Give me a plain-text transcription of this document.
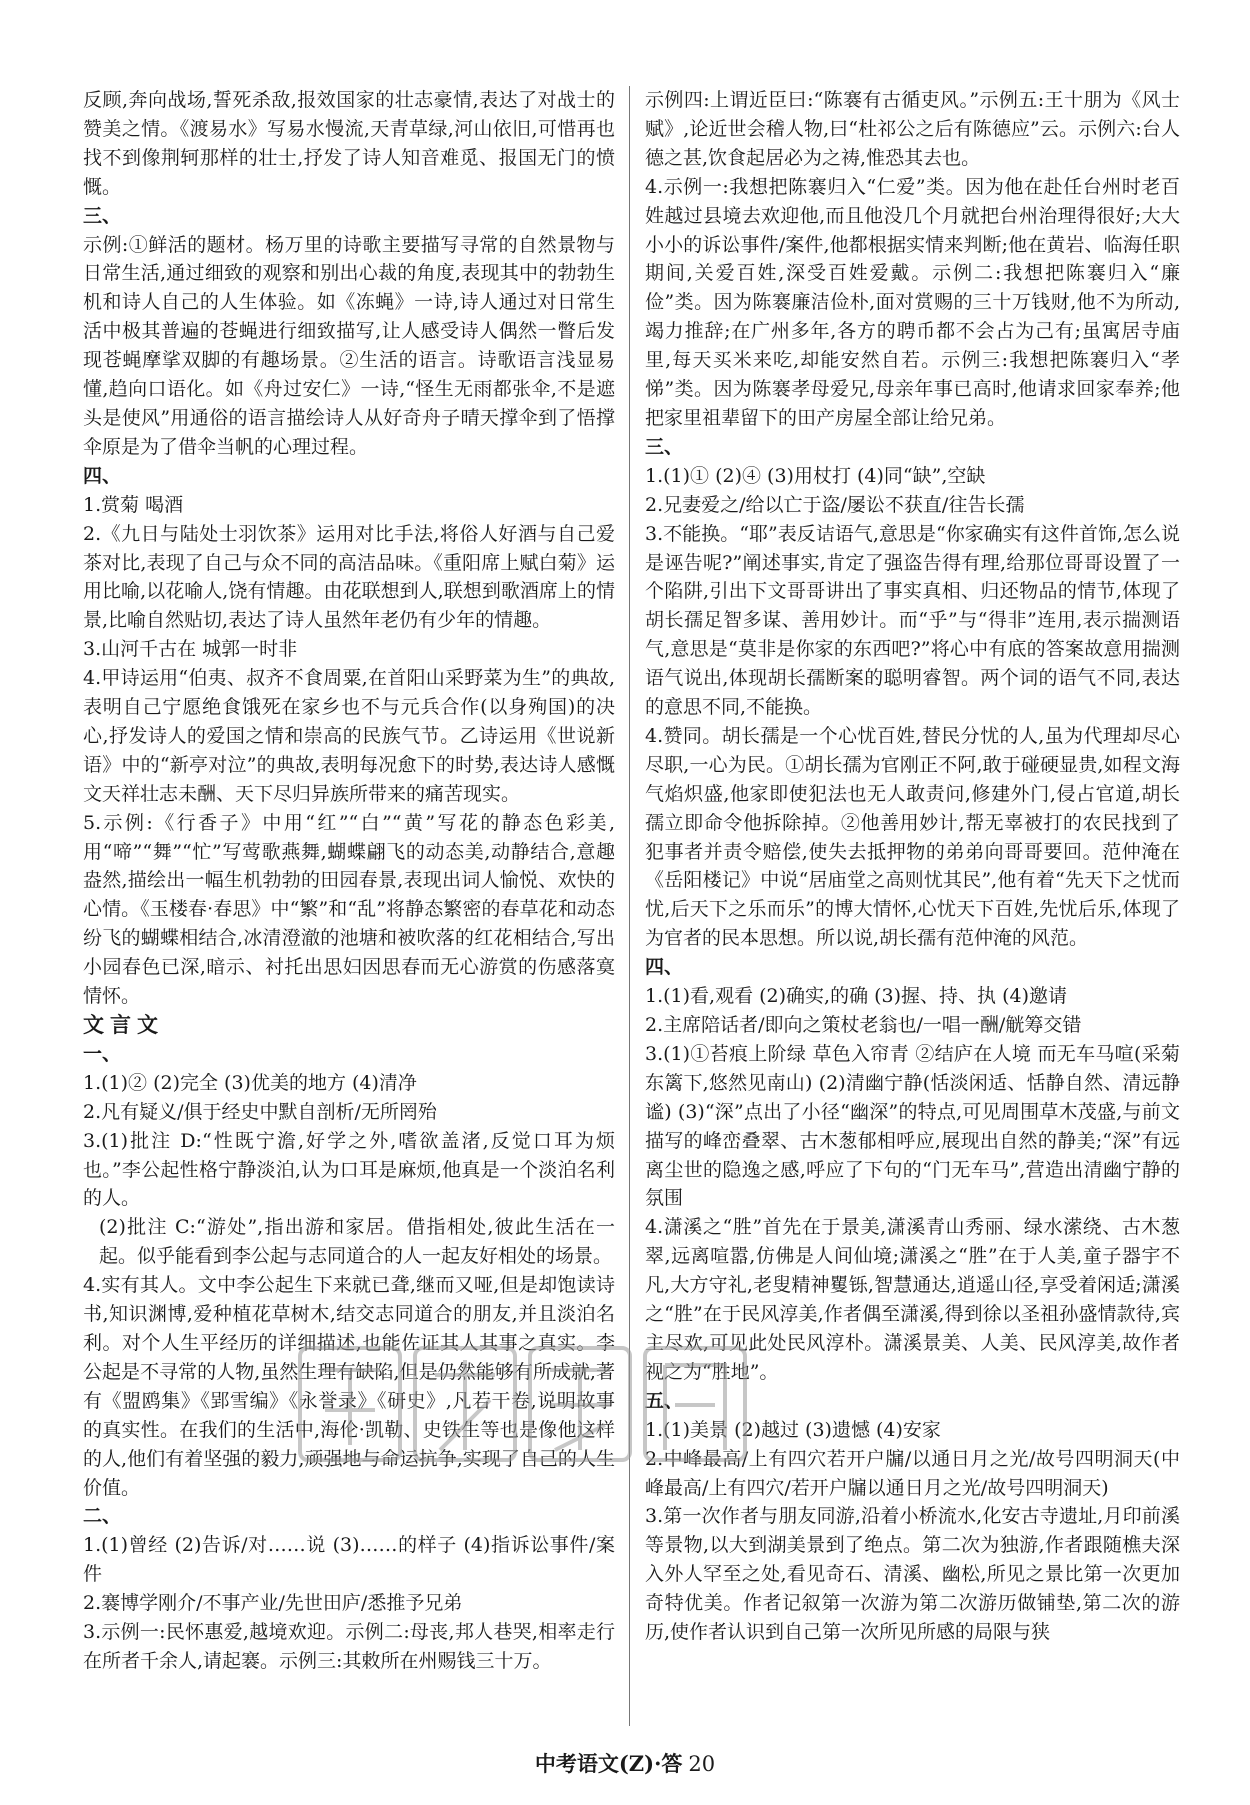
反顾,奔向战场,誓死杀敌,报效国家的壮志豪情,表达了对战士的赞美之情。《渡易水》写易水慢流,天青草绿,河山依旧,可惜再也找不到像荆轲那样的壮士,抒发了诗人知音难觅、报国无门的愤慨。

三、

示例:①鲜活的题材。杨万里的诗歌主要描写寻常的自然景物与日常生活,通过细致的观察和别出心裁的角度,表现其中的勃勃生机和诗人自己的人生体验。如《冻蝇》一诗,诗人通过对日常生活中极其普遍的苍蝇进行细致描写,让人感受诗人偶然一瞥后发现苍蝇摩挲双脚的有趣场景。②生活的语言。诗歌语言浅显易懂,趋向口语化。如《舟过安仁》一诗,“怪生无雨都张伞,不是遮头是使风”用通俗的语言描绘诗人从好奇舟子晴天撑伞到了悟撑伞原是为了借伞当帆的心理过程。

四、

1.赏菊 喝酒

2.《九日与陆处士羽饮茶》运用对比手法,将俗人好酒与自己爱茶对比,表现了自己与众不同的高洁品味。《重阳席上赋白菊》运用比喻,以花喻人,饶有情趣。由花联想到人,联想到歌酒席上的情景,比喻自然贴切,表达了诗人虽然年老仍有少年的情趣。

3.山河千古在 城郭一时非

4.甲诗运用“伯夷、叔齐不食周粟,在首阳山采野菜为生”的典故,表明自己宁愿绝食饿死在家乡也不与元兵合作(以身殉国)的决心,抒发诗人的爱国之情和崇高的民族气节。乙诗运用《世说新语》中的“新亭对泣”的典故,表明每况愈下的时势,表达诗人感慨文天祥壮志未酬、天下尽归异族所带来的痛苦现实。

5.示例:《行香子》中用“红”“白”“黄”写花的静态色彩美,用“啼”“舞”“忙”写莺歌燕舞,蝴蝶翩飞的动态美,动静结合,意趣盎然,描绘出一幅生机勃勃的田园春景,表现出词人愉悦、欢快的心情。《玉楼春·春思》中“繁”和“乱”将静态繁密的春草花和动态纷飞的蝴蝶相结合,冰清澄澈的池塘和被吹落的红花相结合,写出小园春色已深,暗示、衬托出思妇因思春而无心游赏的伤感落寞情怀。

文言文

一、

1.(1)② (2)完全 (3)优美的地方 (4)清净

2.凡有疑义/俱于经史中默自剖析/无所罔殆

3.(1)批注 D:“性既宁澹,好学之外,嗜欲盖渚,反觉口耳为烦也。”李公起性格宁静淡泊,认为口耳是麻烦,他真是一个淡泊名利的人。

(2)批注 C:“游处”,指出游和家居。借指相处,彼此生活在一起。似乎能看到李公起与志同道合的人一起友好相处的场景。

4.实有其人。文中李公起生下来就已聋,继而又哑,但是却饱读诗书,知识渊博,爱种植花草树木,结交志同道合的朋友,并且淡泊名利。对个人生平经历的详细描述,也能佐证其人其事之真实。李公起是不寻常的人物,虽然生理有缺陷,但是仍然能够有所成就,著有《盟鸥集》《郢雪编》《永誉录》《研史》,凡若干卷,说明故事的真实性。在我们的生活中,海伦·凯勒、史铁生等也是像他这样的人,他们有着坚强的毅力,顽强地与命运抗争,实现了自己的人生价值。

二、

1.(1)曾经 (2)告诉/对……说 (3)……的样子 (4)指诉讼事件/案件

2.褰博学刚介/不事产业/先世田庐/悉推予兄弟

3.示例一:民怀惠爱,越境欢迎。示例二:母丧,邦人巷哭,相率走行在所者千余人,请起褰。示例三:其敕所在州赐钱三十万。

示例四:上谓近臣曰:“陈褰有古循吏风。”示例五:王十朋为《风士赋》,论近世会稽人物,曰“杜祁公之后有陈德应”云。示例六:台人德之甚,饮食起居必为之祷,惟恐其去也。

4.示例一:我想把陈褰归入“仁爱”类。因为他在赴任台州时老百姓越过县境去欢迎他,而且他没几个月就把台州治理得很好;大大小小的诉讼事件/案件,他都根据实情来判断;他在黄岩、临海任职期间,关爱百姓,深受百姓爱戴。示例二:我想把陈褰归入“廉俭”类。因为陈褰廉洁俭朴,面对赏赐的三十万钱财,他不为所动,竭力推辞;在广州多年,各方的聘币都不会占为己有;虽寓居寺庙里,每天买米来吃,却能安然自若。示例三:我想把陈褰归入“孝悌”类。因为陈褰孝母爱兄,母亲年事已高时,他请求回家奉养;他把家里祖辈留下的田产房屋全部让给兄弟。

三、

1.(1)① (2)④ (3)用杖打 (4)同“缺”,空缺

2.兄妻爱之/给以亡于盗/屡讼不获直/往告长孺

3.不能换。“耶”表反诘语气,意思是“你家确实有这件首饰,怎么说是诬告呢?”阐述事实,肯定了强盗告得有理,给那位哥哥设置了一个陷阱,引出下文哥哥讲出了事实真相、归还物品的情节,体现了胡长孺足智多谋、善用妙计。而“乎”与“得非”连用,表示揣测语气,意思是“莫非是你家的东西吧?”将心中有底的答案故意用揣测语气说出,体现胡长孺断案的聪明睿智。两个词的语气不同,表达的意思不同,不能换。

4.赞同。胡长孺是一个心忧百姓,替民分忧的人,虽为代理却尽心尽职,一心为民。①胡长孺为官刚正不阿,敢于碰硬显贵,如程文海气焰炽盛,他家即使犯法也无人敢责问,修建外门,侵占官道,胡长孺立即命令他拆除掉。②他善用妙计,帮无辜被打的农民找到了犯事者并责令赔偿,使失去抵押物的弟弟向哥哥要回。范仲淹在《岳阳楼记》中说“居庙堂之高则忧其民”,他有着“先天下之忧而忧,后天下之乐而乐”的博大情怀,心忧天下百姓,先忧后乐,体现了为官者的民本思想。所以说,胡长孺有范仲淹的风范。

四、

1.(1)看,观看 (2)确实,的确 (3)握、持、执 (4)邀请

2.主席陪话者/即向之策杖老翁也/一唱一酬/觥筹交错

3.(1)①苔痕上阶绿 草色入帘青 ②结庐在人境 而无车马喧(采菊东篱下,悠然见南山) (2)清幽宁静(恬淡闲适、恬静自然、清远静谧) (3)“深”点出了小径“幽深”的特点,可见周围草木茂盛,与前文描写的峰峦叠翠、古木葱郁相呼应,展现出自然的静美;“深”有远离尘世的隐逸之感,呼应了下句的“门无车马”,营造出清幽宁静的氛围

4.潇溪之“胜”首先在于景美,潇溪青山秀丽、绿水潆绕、古木葱翠,远离喧嚣,仿佛是人间仙境;潇溪之“胜”在于人美,童子器宇不凡,大方守礼,老叟精神矍铄,智慧通达,逍遥山径,享受着闲适;潇溪之“胜”在于民风淳美,作者偶至潇溪,得到徐以圣祖孙盛情款待,宾主尽欢,可见此处民风淳朴。潇溪景美、人美、民风淳美,故作者视之为“胜地”。

五、

1.(1)美景 (2)越过 (3)遗憾 (4)安家

2.中峰最高/上有四穴若开户牖/以通日月之光/故号四明洞天(中峰最高/上有四穴/若开户牖以通日月之光/故号四明洞天)

3.第一次作者与朋友同游,沿着小桥流水,化安古寺遗址,月印前溪等景物,以大到湖美景到了绝点。第二次为独游,作者跟随樵夫深入外人罕至之处,看见奇石、清溪、幽松,所见之景比第一次更加奇特优美。作者记叙第一次游为第二次游历做铺垫,第二次的游历,使作者认识到自己第一次所见所感的局限与狭

中考语文(Z)·答 20
